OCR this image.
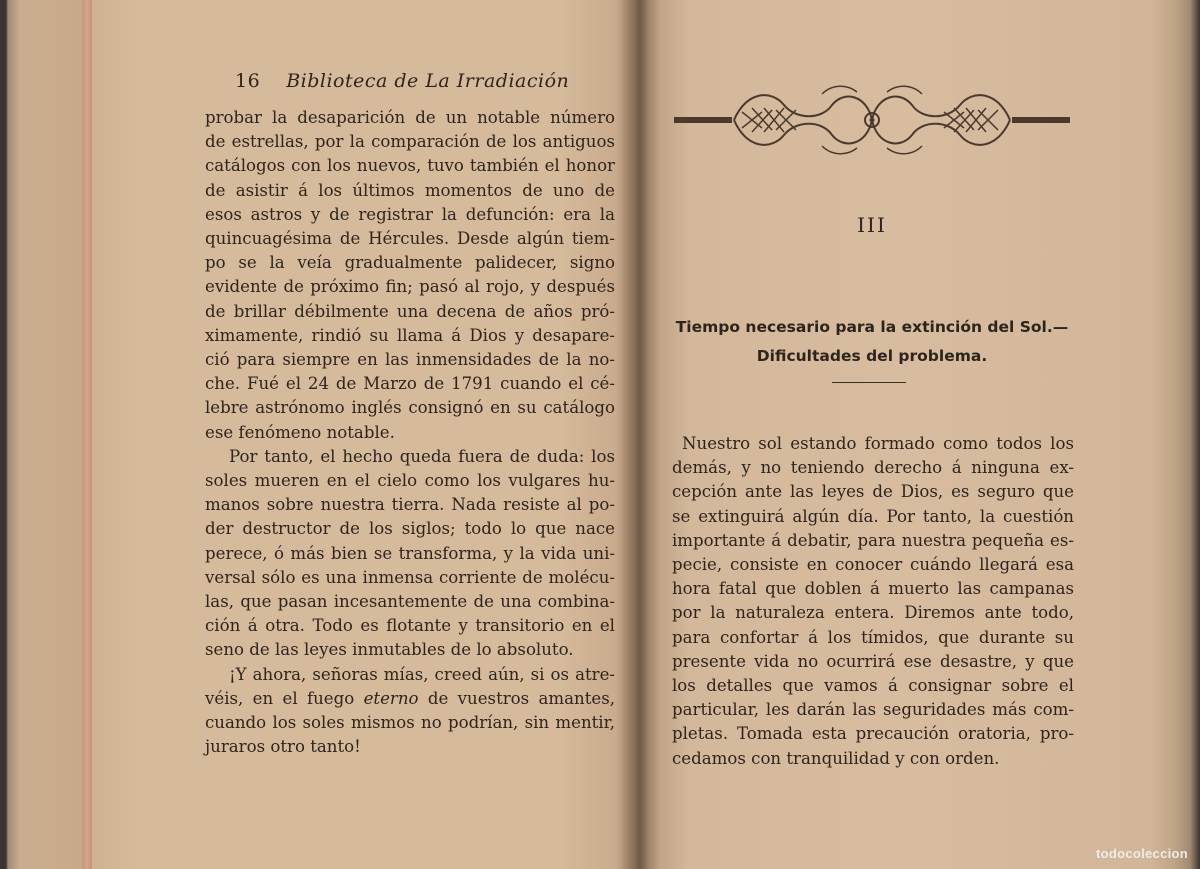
16 Biblioteca de La Irradiación
probar la desaparición de un notable número
de estrellas, por la comparación de los antiguos
catálogos con los nuevos, tuvo también el honor
de asistir á los últimos momentos de uno de
esos astros y de registrar la defunción: era la
quincuagésima de Hércules. Desde algún tiem-
po se la veía gradualmente palidecer, signo
evidente de próximo fin; pasó al rojo, y después
de brillar débilmente una decena de años pró-
ximamente, rindió su llama á Dios y desapare-
ció para siempre en las inmensidades de la no-
che. Fué el 24 de Marzo de 1791 cuando el cé-
lebre astrónomo inglés consignó en su catálogo
ese fenómeno notable.
Por tanto, el hecho queda fuera de duda: los
soles mueren en el cielo como los vulgares hu-
manos sobre nuestra tierra. Nada resiste al po-
der destructor de los siglos; todo lo que nace
perece, ó más bien se transforma, y la vida uni-
versal sólo es una inmensa corriente de molécu-
las, que pasan incesantemente de una combina-
ción á otra. Todo es flotante y transitorio en el
seno de las leyes inmutables de lo absoluto.
¡Y ahora, señoras mías, creed aún, si os atre-
véis, en el fuego eterno de vuestros amantes,
cuando los soles mismos no podrían, sin mentir,
juraros otro tanto!
III
Tiempo necesario para la extinción del Sol.—
Dificultades del problema.
Nuestro sol estando formado como todos los
demás, y no teniendo derecho á ninguna ex-
cepción ante las leyes de Dios, es seguro que
se extinguirá algún día. Por tanto, la cuestión
importante á debatir, para nuestra pequeña es-
pecie, consiste en conocer cuándo llegará esa
hora fatal que doblen á muerto las campanas
por la naturaleza entera. Diremos ante todo,
para confortar á los tímidos, que durante su
presente vida no ocurrirá ese desastre, y que
los detalles que vamos á consignar sobre el
particular, les darán las seguridades más com-
pletas. Tomada esta precaución oratoria, pro-
cedamos con tranquilidad y con orden.
todocoleccion
